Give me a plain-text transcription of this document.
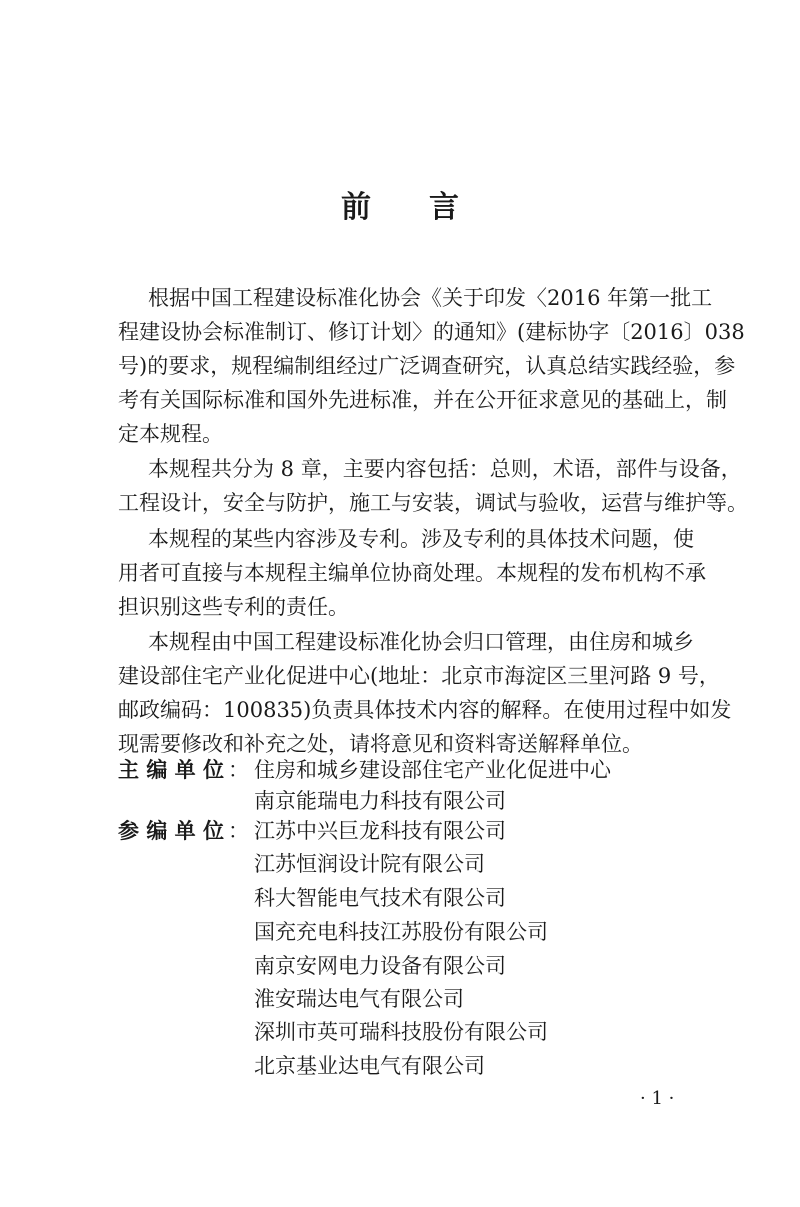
前言
根据中国工程建设标准化协会《关于印发〈2016 年第一批工
程建设协会标准制订、修订计划〉的通知》(建标协字〔2016〕038
号)的要求，规程编制组经过广泛调查研究，认真总结实践经验，参
考有关国际标准和国外先进标准，并在公开征求意见的基础上，制
定本规程。
本规程共分为 8 章，主要内容包括：总则，术语，部件与设备，
工程设计，安全与防护，施工与安装，调试与验收，运营与维护等。
本规程的某些内容涉及专利。涉及专利的具体技术问题，使
用者可直接与本规程主编单位协商处理。本规程的发布机构不承
担识别这些专利的责任。
本规程由中国工程建设标准化协会归口管理，由住房和城乡
建设部住宅产业化促进中心(地址：北京市海淀区三里河路 9 号，
邮政编码：100835)负责具体技术内容的解释。在使用过程中如发
现需要修改和补充之处，请将意见和资料寄送解释单位。
主编单位 ： 住房和城乡建设部住宅产业化促进中心
南京能瑞电力科技有限公司
参编单位 ： 江苏中兴巨龙科技有限公司
江苏恒润设计院有限公司
科大智能电气技术有限公司
国充充电科技江苏股份有限公司
南京安网电力设备有限公司
淮安瑞达电气有限公司
深圳市英可瑞科技股份有限公司
北京基业达电气有限公司
· 1 ·
